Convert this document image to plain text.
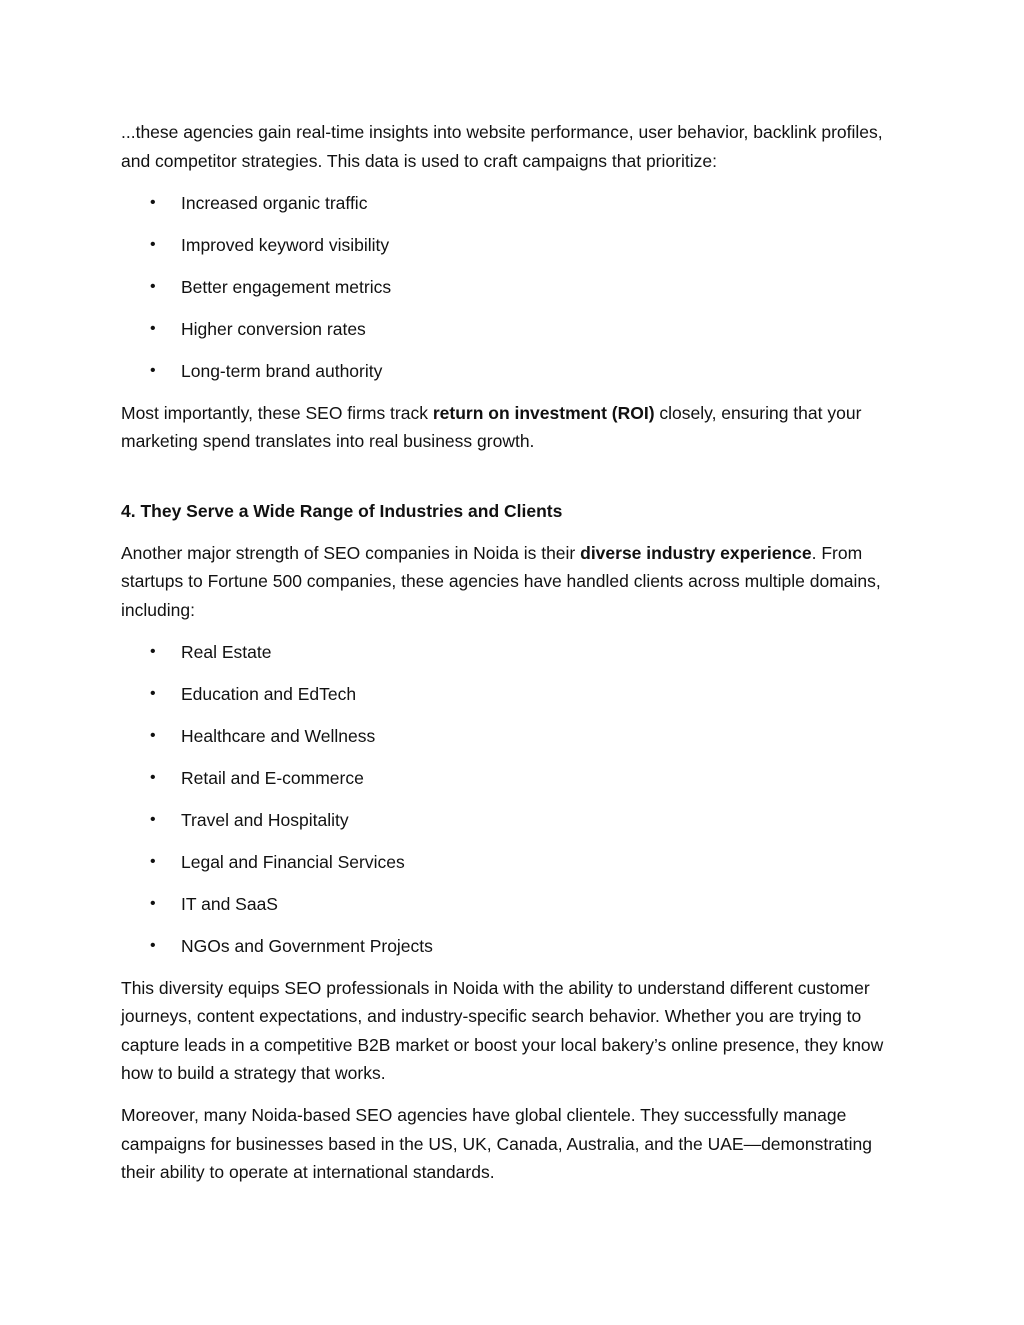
...these agencies gain real-time insights into website performance, user behavior, backlink profiles, and competitor strategies. This data is used to craft campaigns that prioritize:

• Increased organic traffic
• Improved keyword visibility
• Better engagement metrics
• Higher conversion rates
• Long-term brand authority

Most importantly, these SEO firms track return on investment (ROI) closely, ensuring that your marketing spend translates into real business growth.

4. They Serve a Wide Range of Industries and Clients

Another major strength of SEO companies in Noida is their diverse industry experience. From startups to Fortune 500 companies, these agencies have handled clients across multiple domains, including:

• Real Estate
• Education and EdTech
• Healthcare and Wellness
• Retail and E-commerce
• Travel and Hospitality
• Legal and Financial Services
• IT and SaaS
• NGOs and Government Projects

This diversity equips SEO professionals in Noida with the ability to understand different customer journeys, content expectations, and industry-specific search behavior. Whether you are trying to capture leads in a competitive B2B market or boost your local bakery’s online presence, they know how to build a strategy that works.

Moreover, many Noida-based SEO agencies have global clientele. They successfully manage campaigns for businesses based in the US, UK, Canada, Australia, and the UAE—demonstrating their ability to operate at international standards.
